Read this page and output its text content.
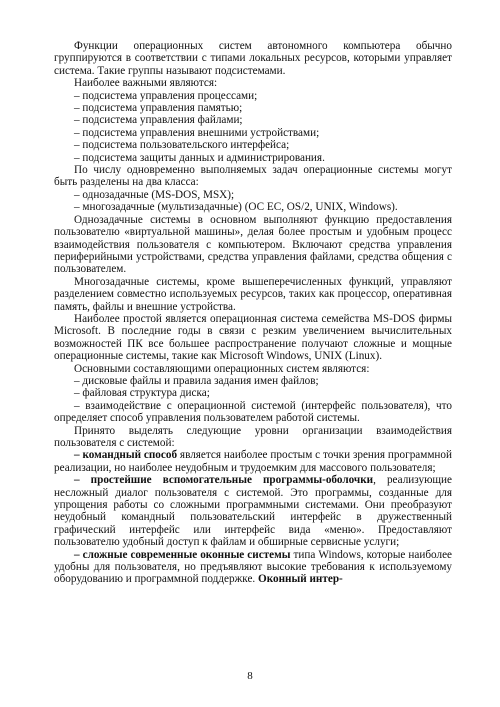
Функции операционных систем автономного компьютера обычно группируются в соответствии с типами локальных ресурсов, которыми управляет система. Такие группы называют подсистемами.

Наиболее важными являются:

– подсистема управления процессами;

– подсистема управления памятью;

– подсистема управления файлами;

– подсистема управления внешними устройствами;

– подсистема пользовательского интерфейса;

– подсистема защиты данных и администрирования.

По числу одновременно выполняемых задач операционные системы могут быть разделены на два класса:

– однозадачные (MS-DOS, MSX);

– многозадачные (мультизадачные) (ОС ЕС, OS/2, UNIX, Windows).

Однозадачные системы в основном выполняют функцию предоставления пользователю «виртуальной машины», делая более простым и удобным процесс взаимодействия пользователя с компьютером. Включают средства управления периферийными устройствами, средства управления файлами, средства общения с пользователем.

Многозадачные системы, кроме вышеперечисленных функций, управляют разделением совместно используемых ресурсов, таких как процессор, оперативная память, файлы и внешние устройства.

Наиболее простой является операционная система семейства MS-DOS фирмы Microsoft. В последние годы в связи с резким увеличением вычислительных возможностей ПК все большее распространение получают сложные и мощные операционные системы, такие как Microsoft Windows, UNIX (Linux).

Основными составляющими операционных систем являются:

– дисковые файлы и правила задания имен файлов;

– файловая структура диска;

– взаимодействие с операционной системой (интерфейс пользователя), что определяет способ управления пользователем работой системы.

Принято выделять следующие уровни организации взаимодействия пользователя с системой:

– командный способ является наиболее простым с точки зрения программной реализации, но наиболее неудобным и трудоемким для массового пользователя;

– простейшие вспомогательные программы-оболочки, реализующие несложный диалог пользователя с системой. Это программы, созданные для упрощения работы со сложными программными системами. Они преобразуют неудобный командный пользовательский интерфейс в дружественный графический интерфейс или интерфейс вида «меню». Предоставляют пользователю удобный доступ к файлам и обширные сервисные услуги;

– сложные современные оконные системы типа Windows, которые наиболее удобны для пользователя, но предъявляют высокие требования к используемому оборудованию и программной поддержке. Оконный интер-

8
